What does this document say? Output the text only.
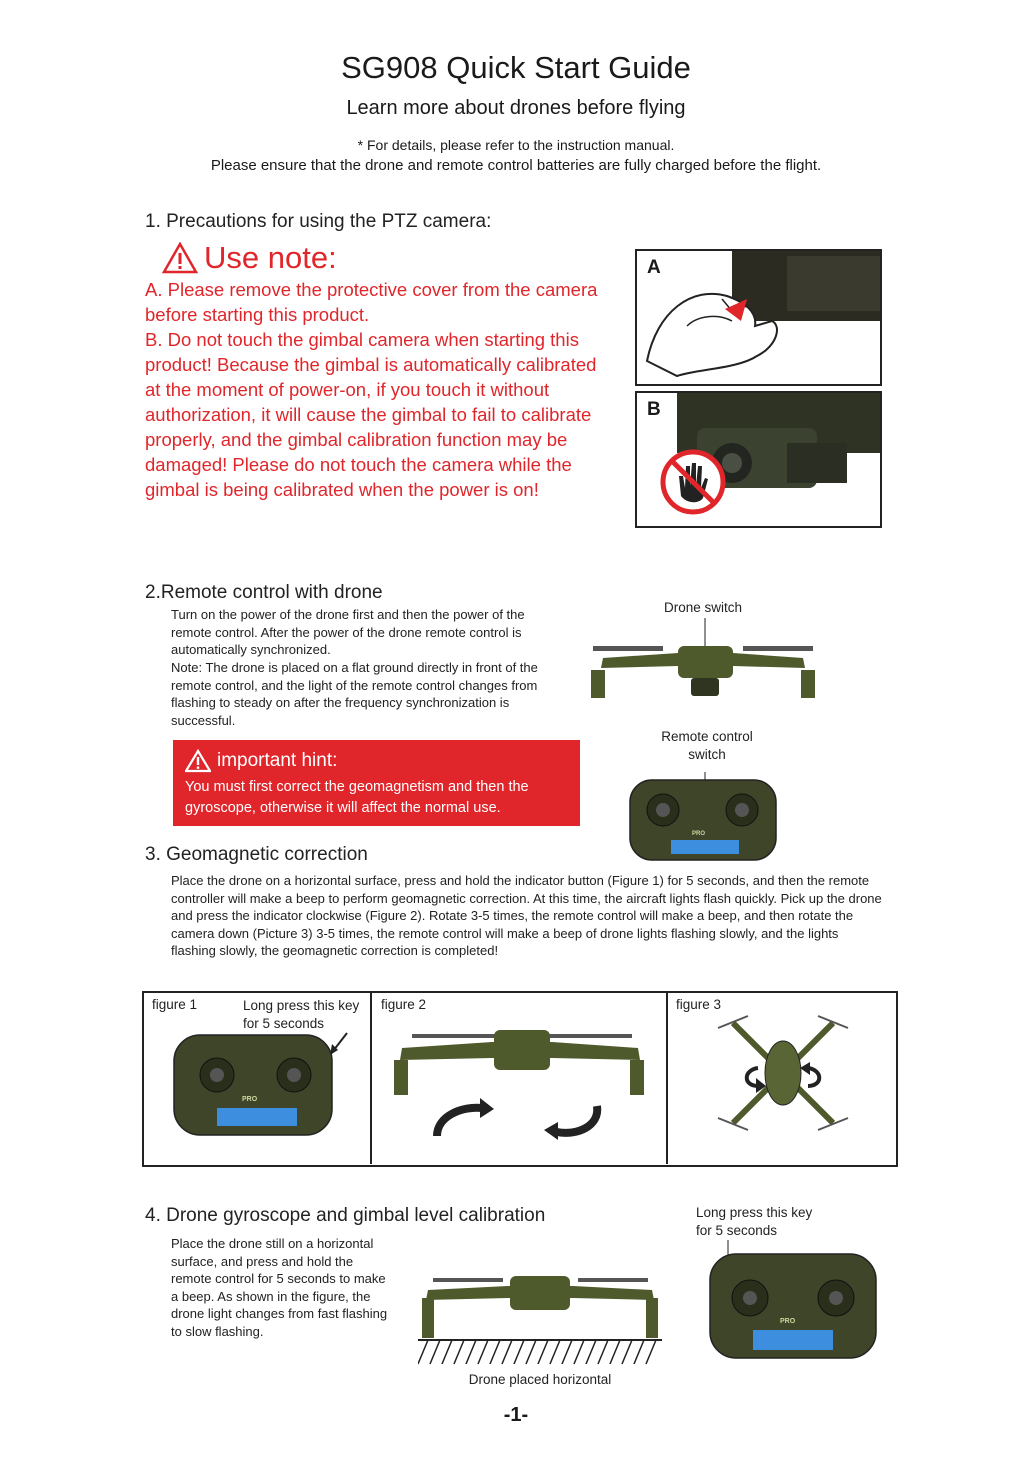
SG908 Quick Start Guide
Learn more about drones before flying
* For details, please refer to the instruction manual.
Please ensure that the drone and remote control batteries are fully charged before the flight.
1. Precautions for using the PTZ camera:
Use note:
A. Please remove the protective cover from the camera before starting this product.
B. Do not touch the gimbal camera when starting this product! Because the gimbal is automatically calibrated at the moment of power-on, if you touch it without authorization, it will cause the gimbal to fail to calibrate properly, and the gimbal calibration function may be damaged! Please do not touch the camera while the gimbal is being calibrated when the power is on!
A
B
2.Remote control with drone
Turn on the power of the drone first and then the power of the remote control. After the power of the drone remote control is automatically synchronized.
Note: The drone is placed on a flat ground directly in front of the remote control, and the light of the remote control changes from flashing to steady on after the frequency synchronization is successful.
important hint:
You must first correct the geomagnetism and then the gyroscope, otherwise it will affect the normal use.
Drone switch
Remote control
switch
PRO
3. Geomagnetic correction
Place the drone on a horizontal surface, press and hold the indicator button (Figure 1) for 5 seconds, and then the remote controller will make a beep to perform geomagnetic correction. At this time, the aircraft lights flash quickly. Pick up the drone and press the indicator clockwise (Figure 2). Rotate 3-5 times, the remote control will make a beep, and then rotate the camera down (Picture 3) 3-5 times, the remote control will make a beep of drone lights flashing slowly, and the lights flashing slowly, the geomagnetic correction is completed!
figure 1	Long press this key
for 5 seconds
PRO
figure 2	figure 3
4. Drone gyroscope and gimbal level calibration
Place the drone still on a horizontal surface, and press and hold the remote control for 5 seconds to make a beep. As shown in the figure, the drone light changes from fast flashing to slow flashing.
Drone placed horizontal
Long press this key
for 5 seconds
PRO
-1-
